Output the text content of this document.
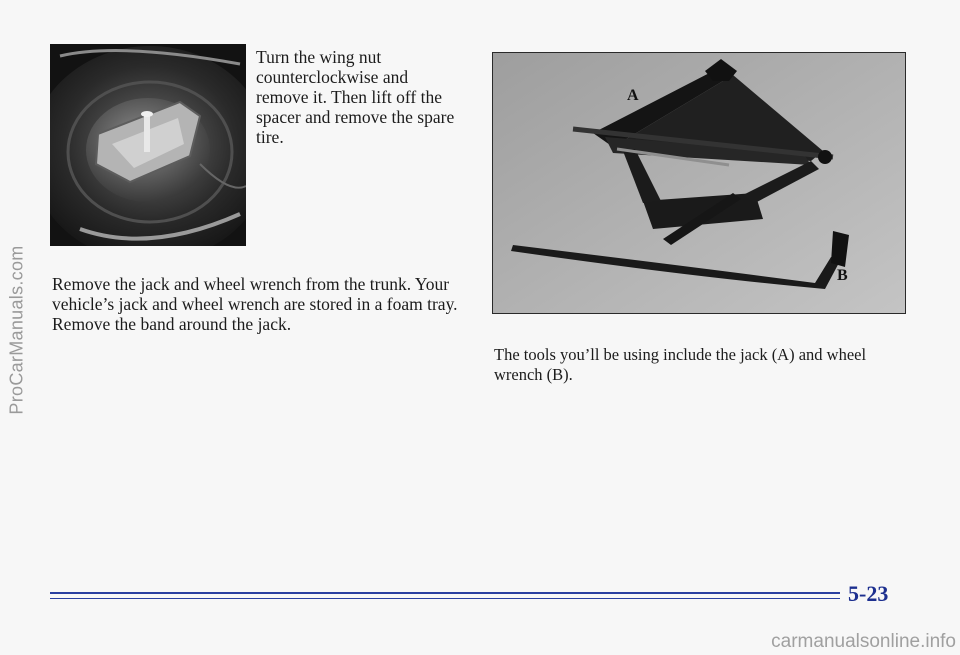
ProCarManuals.com
Turn the wing nut counterclockwise and remove it. Then lift off the spacer and remove the spare tire.
A
B
Remove the jack and wheel wrench from the trunk. Your vehicle’s jack and wheel wrench are stored in a foam tray. Remove the band around the jack.
The tools you’ll be using include the jack (A) and wheel wrench (B).
5-23
carmanualsonline.info
